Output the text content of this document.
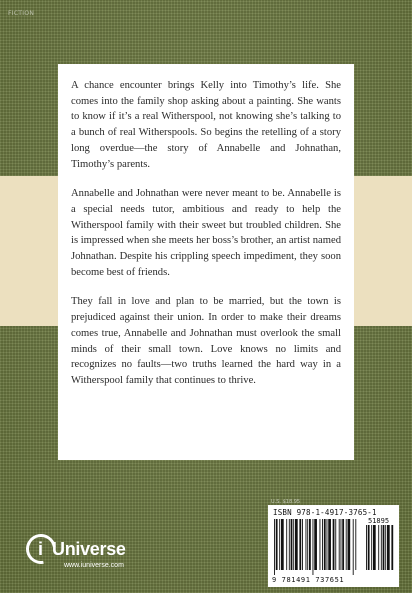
FICTION

A chance encounter brings Kelly into Timothy’s life. She comes into the family shop asking about a painting. She wants to know if it’s a real Witherspool, not knowing she’s talking to a bunch of real Witherspools. So begins the retelling of a story long overdue—the story of Annabelle and Johnathan, Timothy’s parents.

Annabelle and Johnathan were never meant to be. Annabelle is a special needs tutor, ambitious and ready to help the Witherspool family with their sweet but troubled children. She is impressed when she meets her boss’s brother, an artist named Johnathan. Despite his crippling speech impediment, they soon become best of friends.

They fall in love and plan to be married, but the town is prejudiced against their union. In order to make their dreams comes true, Annabelle and Johnathan must overlook the small minds of their small town. Love knows no limits and recognizes no faults—two truths learned the hard way in a Witherspool family that continues to thrive.

i Universe
www.iuniverse.com
U.S. $18.95
ISBN 978-1-4917-3765-1
51895
9 781491 737651
